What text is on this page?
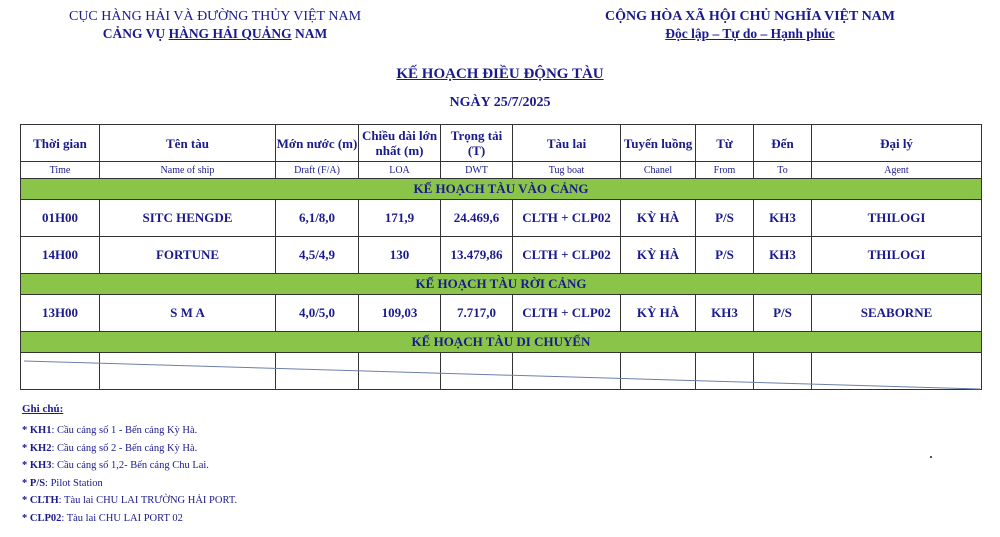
CỤC HÀNG HẢI VÀ ĐƯỜNG THỦY VIỆT NAM
CẢNG VỤ HÀNG HẢI QUẢNG NAM
CỘNG HÒA XÃ HỘI CHỦ NGHĨA VIỆT NAM
Độc lập – Tự do – Hạnh phúc
KẾ HOẠCH ĐIỀU ĐỘNG TÀU
NGÀY 25/7/2025
Thời gian	Tên tàu	Mớn nước (m)	Chiều dài lớn nhất (m)	Trọng tải (T)	Tàu lai	Tuyến luồng	Từ	Đến	Đại lý
Time	Name of ship	Draft (F/A)	LOA	DWT	Tug boat	Chanel	From	To	Agent
KẾ HOẠCH TÀU VÀO CẢNG									
01H00	SITC HENGDE	6,1/8,0	171,9	24.469,6	CLTH + CLP02	KỲ HÀ	P/S	KH3	THILOGI
14H00	FORTUNE	4,5/4,9	130	13.479,86	CLTH + CLP02	KỲ HÀ	P/S	KH3	THILOGI
KẾ HOẠCH TÀU RỜI CẢNG									
13H00	S M A	4,0/5,0	109,03	7.717,0	CLTH + CLP02	KỲ HÀ	KH3	P/S	SEABORNE
KẾ HOẠCH TÀU DI CHUYỂN									

Ghi chú:
* KH1: Cầu cảng số 1 - Bến cảng Kỳ Hà.
* KH2: Cầu cảng số 2 - Bến cảng Kỳ Hà.
* KH3: Cầu cảng số 1,2- Bến cảng Chu Lai.
* P/S: Pilot Station
* CLTH: Tàu lai CHU LAI TRƯỜNG HẢI PORT.
* CLP02: Tàu lai CHU LAI PORT 02
